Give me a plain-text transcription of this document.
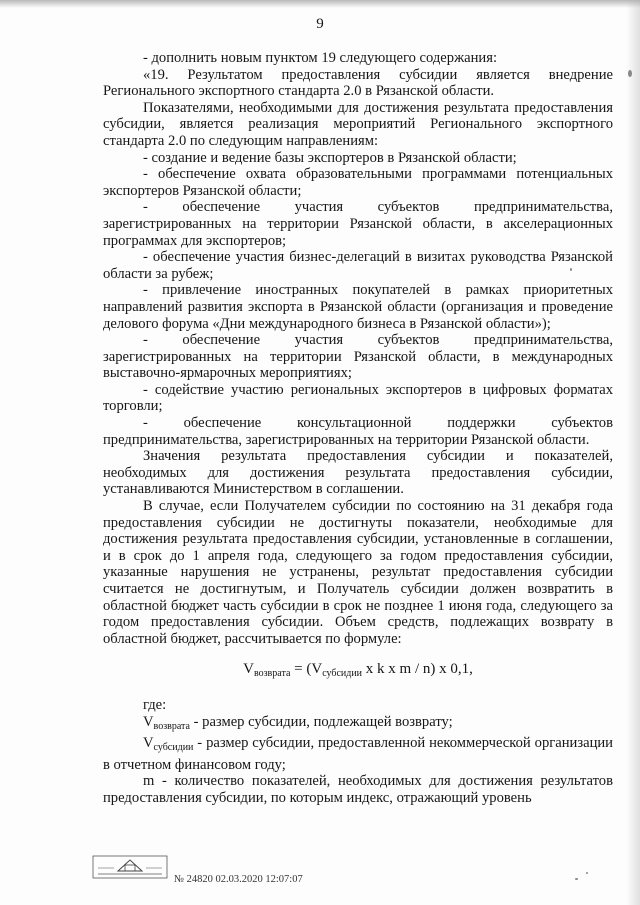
9

- дополнить новым пунктом 19 следующего содержания:

«19. Результатом предоставления субсидии является внедрение Регионального экспортного стандарта 2.0 в Рязанской области.

Показателями, необходимыми для достижения результата предоставления субсидии, является реализация мероприятий Регионального экспортного стандарта 2.0 по следующим направлениям:

- создание и ведение базы экспортеров в Рязанской области;

- обеспечение охвата образовательными программами потенциальных экспортеров Рязанской области;

- обеспечение участия субъектов предпринимательства, зарегистрированных на территории Рязанской области, в акселерационных программах для экспортеров;

- обеспечение участия бизнес-делегаций в визитах руководства Рязанской области за рубеж;

- привлечение иностранных покупателей в рамках приоритетных направлений развития экспорта в Рязанской области (организация и проведение делового форума «Дни международного бизнеса в Рязанской области»);

- обеспечение участия субъектов предпринимательства, зарегистрированных на территории Рязанской области, в международных выставочно-ярмарочных мероприятиях;

- содействие участию региональных экспортеров в цифровых форматах торговли;

- обеспечение консультационной поддержки субъектов предпринимательства, зарегистрированных на территории Рязанской области.

Значения результата предоставления субсидии и показателей, необходимых для достижения результата предоставления субсидии, устанавливаются Министерством в соглашении.

В случае, если Получателем субсидии по состоянию на 31 декабря года предоставления субсидии не достигнуты показатели, необходимые для достижения результата предоставления субсидии, установленные в соглашении, и в срок до 1 апреля года, следующего за годом предоставления субсидии, указанные нарушения не устранены, результат предоставления субсидии считается не достигнутым, и Получатель субсидии должен возвратить в областной бюджет часть субсидии в срок не позднее 1 июня года, следующего за годом предоставления субсидии. Объем средств, подлежащих возврату в областной бюджет, рассчитывается по формуле:

$V_{возврата} = (V_{субсидии}$ x k x m / n) x 0,1,

где:

$V_{возврата}$ - размер субсидии, подлежащей возврату;

$V_{субсидии}$ - размер субсидии, предоставленной некоммерческой организации в отчетном финансовом году;

m - количество показателей, необходимых для достижения результатов предоставления субсидии, по которым индекс, отражающий уровень

№ 24820 02.03.2020 12:07:07
